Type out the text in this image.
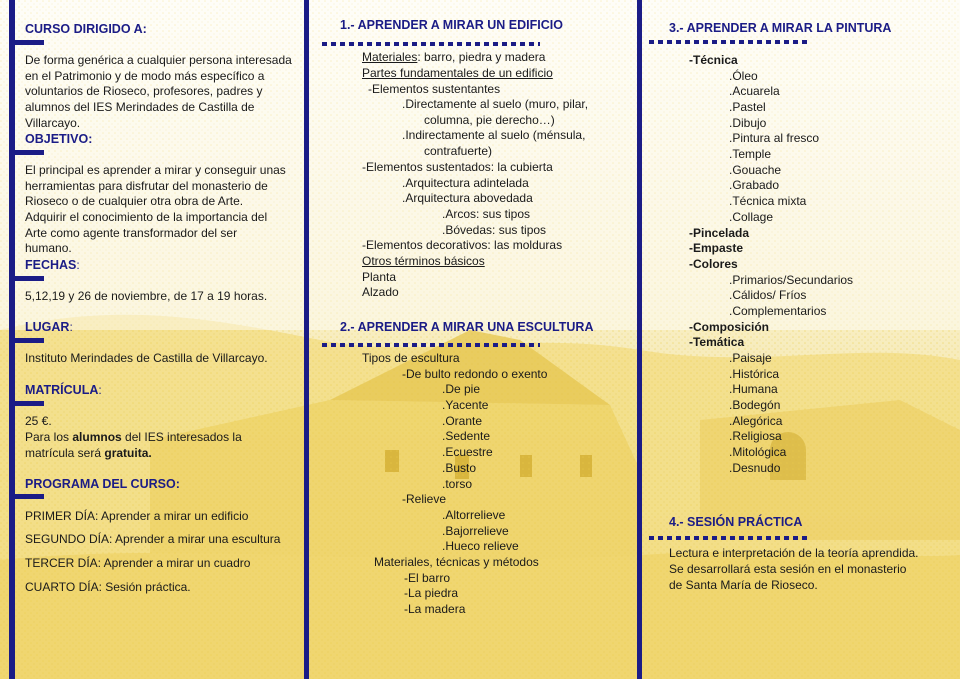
CURSO DIRIGIDO A:
De forma genérica a cualquier persona interesada en el Patrimonio y de modo más específico a voluntarios de Rioseco, profesores, padres y alumnos del IES Merindades de Castilla de Villarcayo.
OBJETIVO:
El principal es aprender a mirar y conseguir unas herramientas para disfrutar del monasterio de Rioseco o de cualquier otra obra de Arte.
Adquirir el conocimiento de la importancia del Arte como agente transformador del ser humano.
FECHAS:
5,12,19 y 26 de noviembre, de 17 a 19 horas.
LUGAR:
Instituto Merindades de Castilla de Villarcayo.
MATRÍCULA:
25 €.
Para los alumnos del IES interesados la matrícula será gratuita.
PROGRAMA DEL CURSO:
PRIMER DÍA: Aprender a mirar un edificio
SEGUNDO DÍA: Aprender a mirar una escultura
TERCER DÍA: Aprender a mirar un cuadro
CUARTO DÍA: Sesión práctica.
1.- APRENDER A MIRAR UN EDIFICIO
Materiales: barro, piedra y madera
Partes fundamentales de un edificio
-Elementos sustentantes
.Directamente al suelo (muro, pilar,
columna, pie derecho…)
.Indirectamente al suelo (ménsula,
contrafuerte)
-Elementos sustentados: la cubierta
.Arquitectura adintelada
.Arquitectura abovedada
.Arcos: sus tipos
.Bóvedas: sus tipos
-Elementos decorativos: las molduras
Otros términos básicos
Planta
Alzado
2.- APRENDER A MIRAR UNA ESCULTURA
Tipos de escultura
-De bulto redondo o exento
.De pie
.Yacente
.Orante
.Sedente
.Ecuestre
.Busto
.torso
-Relieve
.Altorrelieve
.Bajorrelieve
.Hueco relieve
Materiales, técnicas y métodos
-El barro
-La piedra
-La madera
3.- APRENDER A MIRAR LA PINTURA
-Técnica
.Óleo
.Acuarela
.Pastel
.Dibujo
.Pintura al fresco
.Temple
.Gouache
.Grabado
.Técnica mixta
.Collage
-Pincelada
-Empaste
-Colores
.Primarios/Secundarios
.Cálidos/ Fríos
.Complementarios
-Composición
-Temática
.Paisaje
.Histórica
.Humana
.Bodegón
.Alegórica
.Religiosa
.Mitológica
.Desnudo
4.- SESIÓN PRÁCTICA
Lectura e interpretación de la teoría aprendida.
Se desarrollará esta sesión en el monasterio
de Santa María de Rioseco.
